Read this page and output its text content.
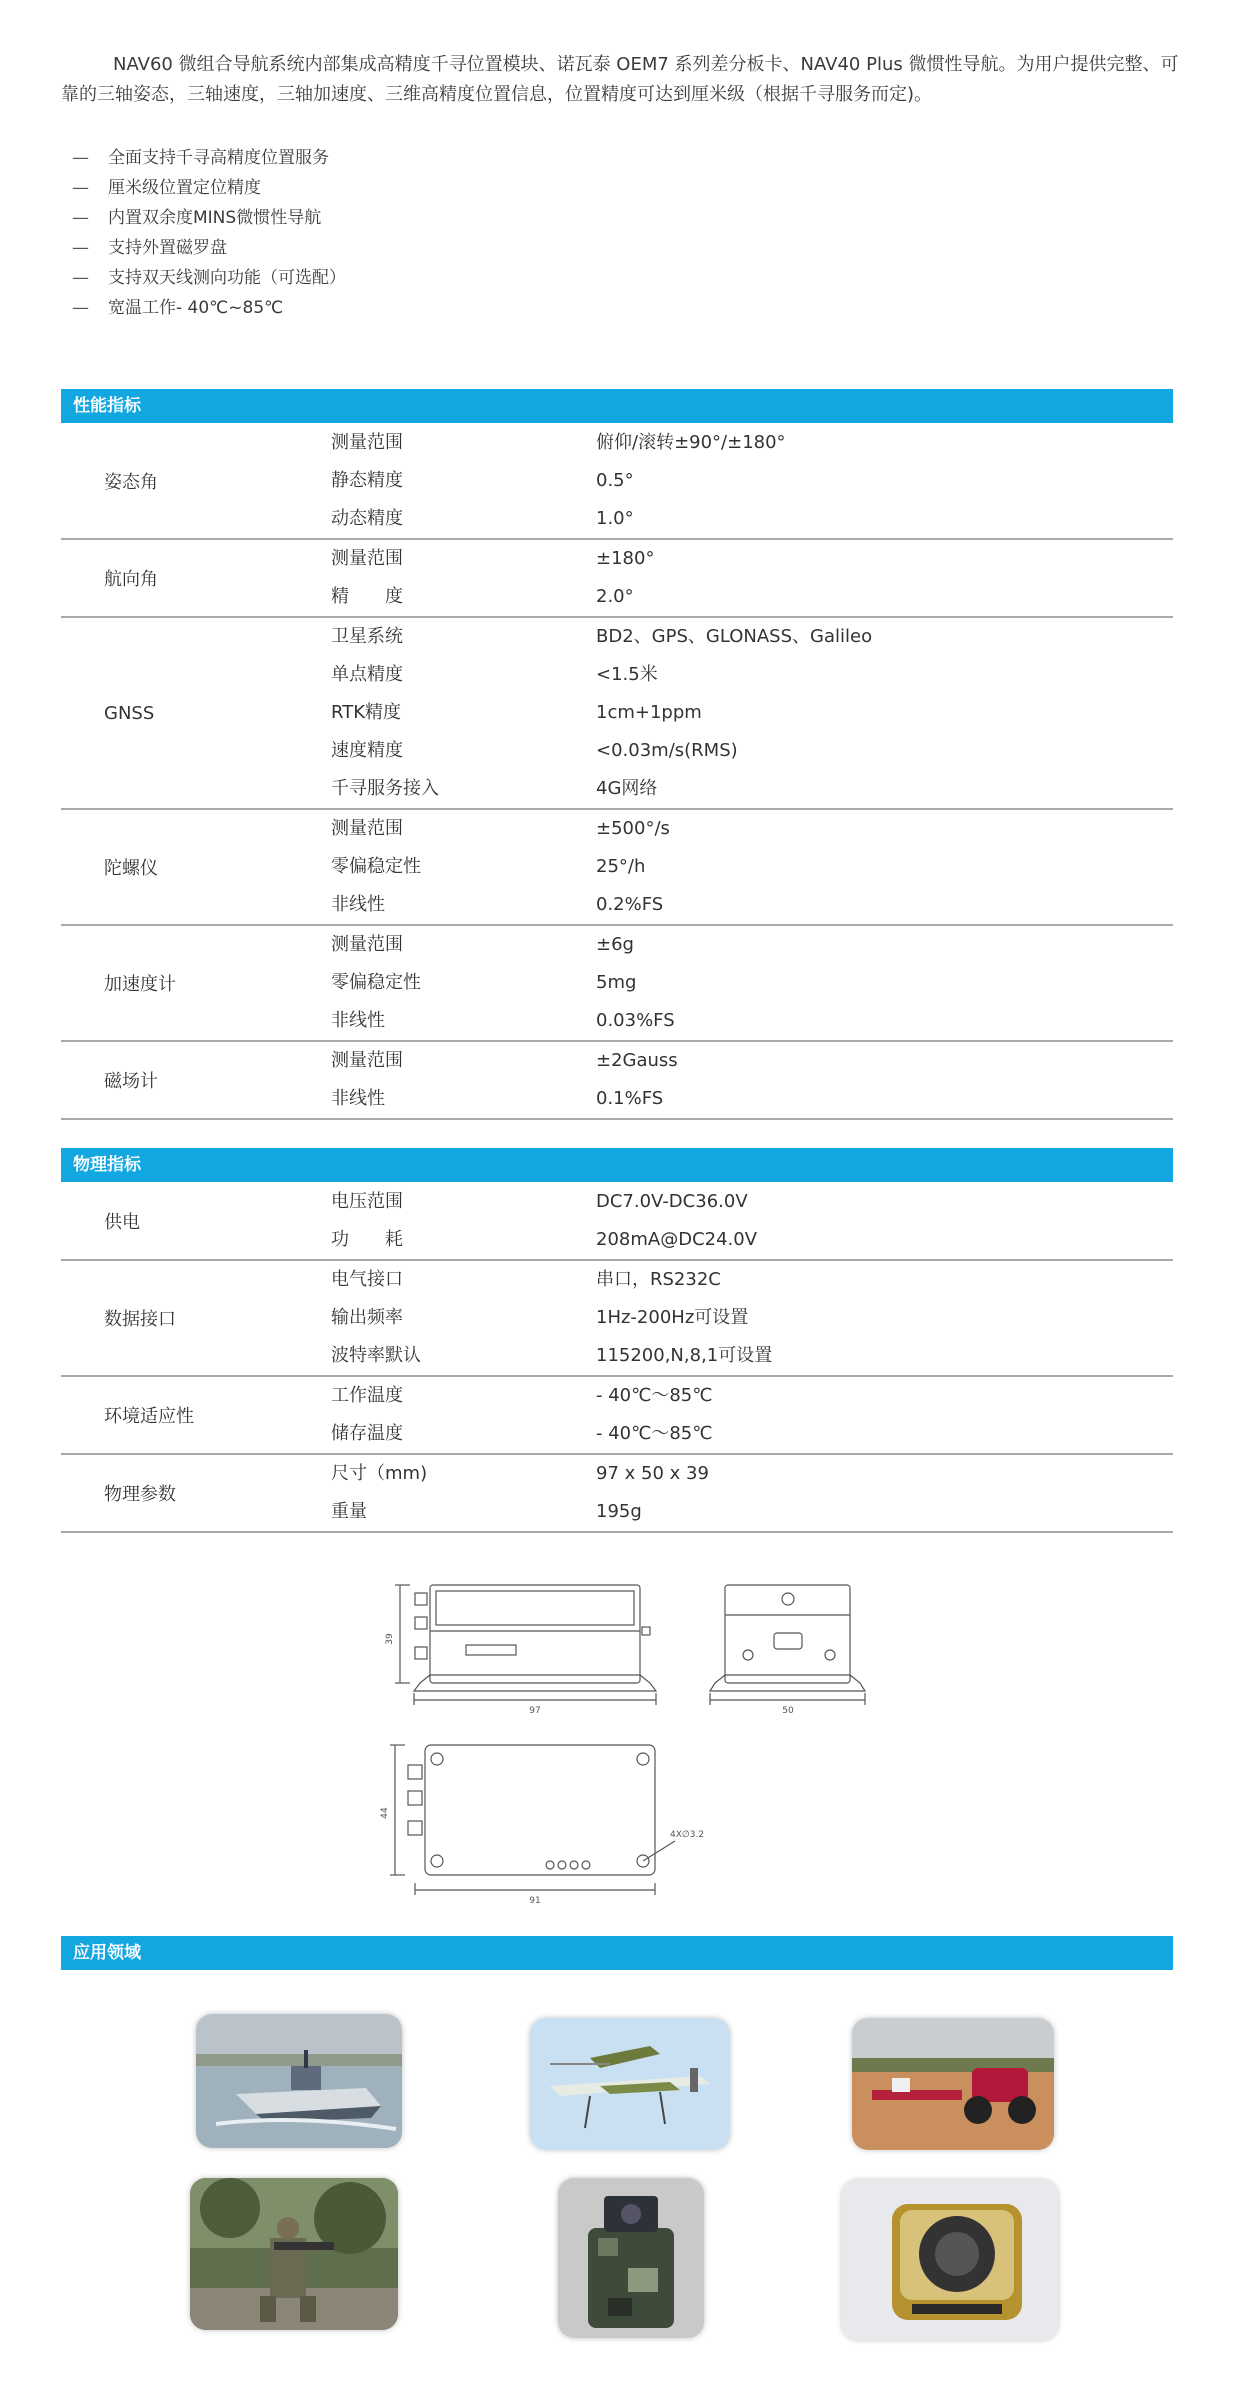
NAV60 微组合导航系统内部集成高精度千寻位置模块、诺瓦泰 OEM7 系列差分板卡、NAV40 Plus 微惯性导航。为用户提供完整、可靠的三轴姿态，三轴速度，三轴加速度、三维高精度位置信息，位置精度可达到厘米级（根据千寻服务而定)。
— 全面支持千寻高精度位置服务
— 厘米级位置定位精度
— 内置双余度MINS微惯性导航
— 支持外置磁罗盘
— 支持双天线测向功能（可选配）
— 宽温工作- 40℃~85℃
性能指标
姿态角
测量范围	俯仰/滚转±90°/±180°
静态精度	0.5°
动态精度	1.0°
航向角
测量范围	±180°
精　　度	2.0°
GNSS
卫星系统	BD2、GPS、GLONASS、Galileo
单点精度	<1.5米
RTK精度	1cm+1ppm
速度精度	<0.03m/s(RMS)
千寻服务接入	4G网络
陀螺仪
测量范围	±500°/s
零偏稳定性	25°/h
非线性	0.2%FS
加速度计
测量范围	±6g
零偏稳定性	5mg
非线性	0.03%FS
磁场计
测量范围	±2Gauss
非线性	0.1%FS
物理指标
供电
电压范围	DC7.0V-DC36.0V
功　　耗	208mA@DC24.0V
数据接口
电气接口	串口，RS232C
输出频率	1Hz-200Hz可设置
波特率默认	115200,N,8,1可设置
环境适应性
工作温度	- 40℃～85℃
储存温度	- 40℃～85℃
物理参数
尺寸（mm)	97 x 50 x 39
重量	195g
39
97	50
44
91
4X∅3.2
应用领域
